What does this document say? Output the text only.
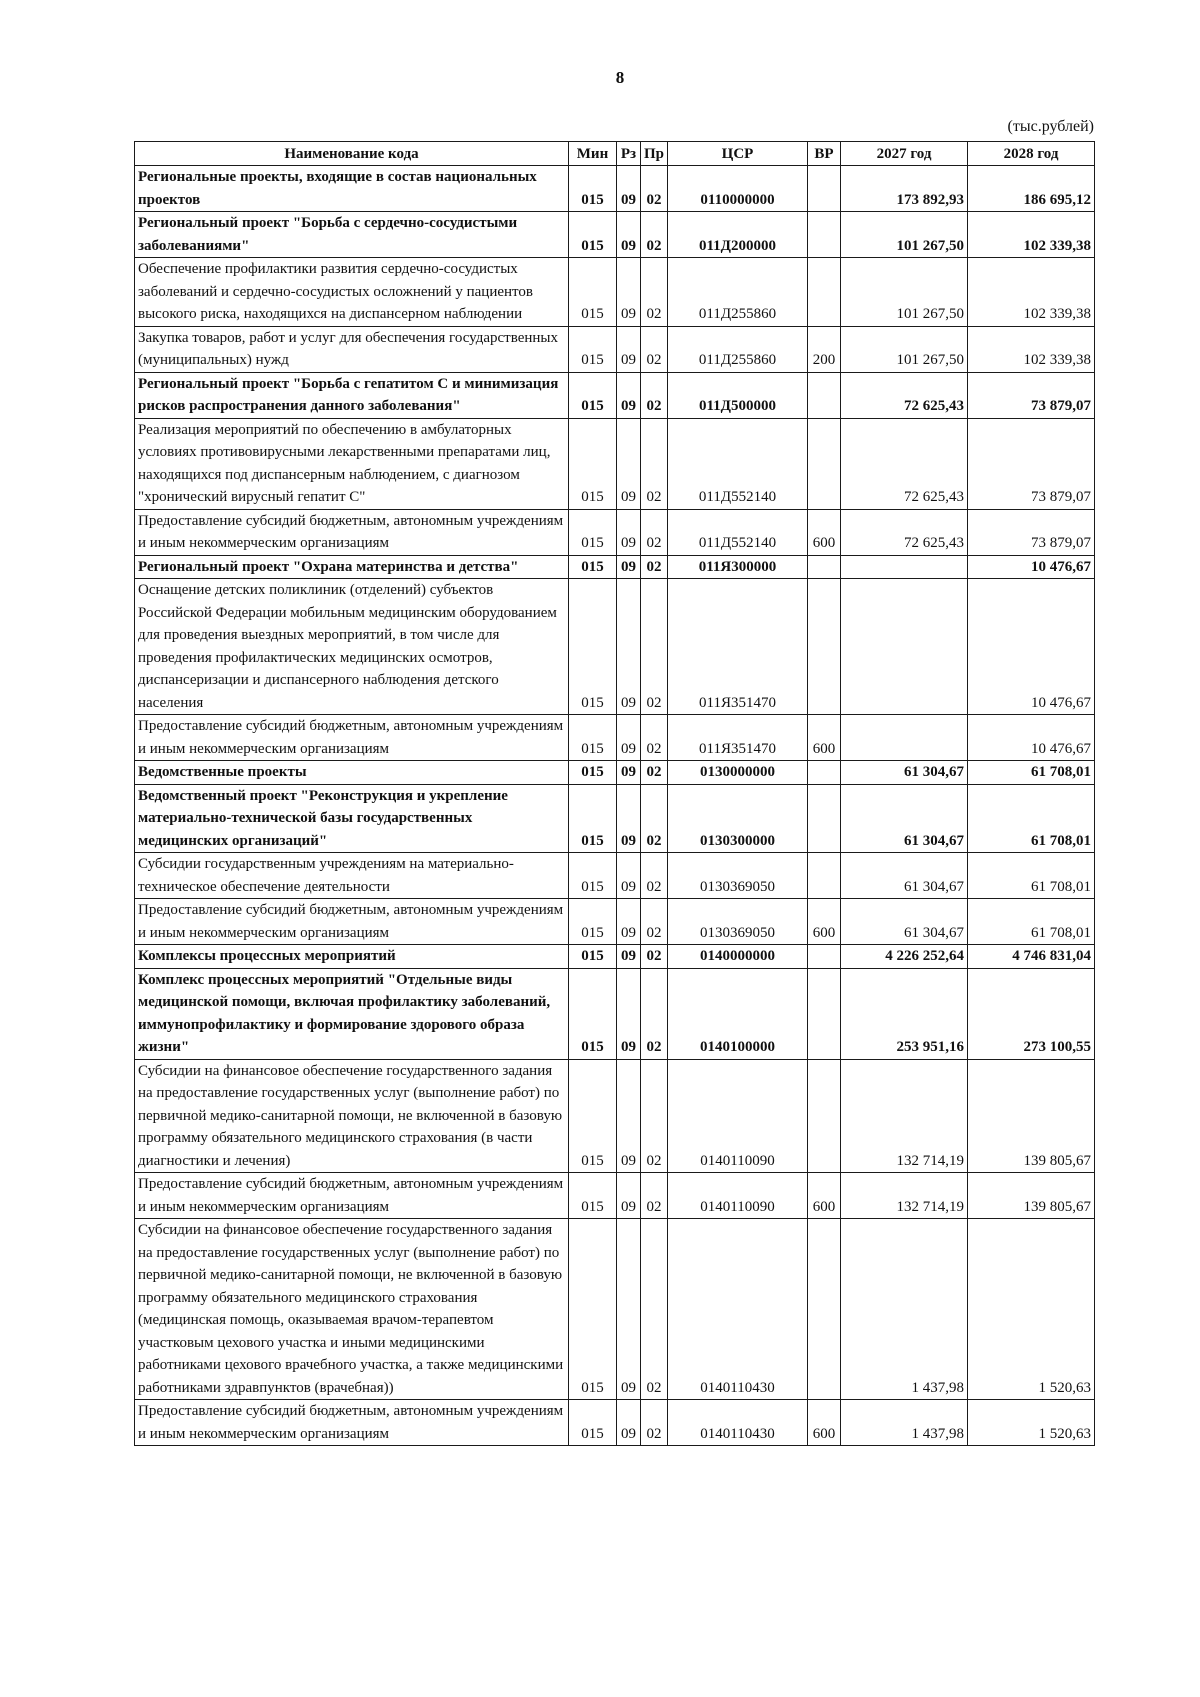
8
(тыс.рублей)
Наименование кода	Мин	Рз	Пр	ЦСР	ВР	2027 год	2028 год
Региональные проекты, входящие в состав национальных проектов	015	09	02	0110000000		173 892,93	186 695,12
Региональный проект "Борьба с сердечно-сосудистыми заболеваниями"	015	09	02	011Д200000		101 267,50	102 339,38
Обеспечение профилактики развития сердечно-сосудистых заболеваний и сердечно-сосудистых осложнений у пациентов высокого риска, находящихся на диспансерном наблюдении	015	09	02	011Д255860		101 267,50	102 339,38
Закупка товаров, работ и услуг для обеспечения государственных (муниципальных) нужд	015	09	02	011Д255860	200	101 267,50	102 339,38
Региональный проект "Борьба с гепатитом С и минимизация рисков распространения данного заболевания"	015	09	02	011Д500000		72 625,43	73 879,07
Реализация мероприятий по обеспечению в амбулаторных условиях противовирусными лекарственными препаратами лиц, находящихся под диспансерным наблюдением, с диагнозом "хронический вирусный гепатит С"	015	09	02	011Д552140		72 625,43	73 879,07
Предоставление субсидий бюджетным, автономным учреждениям и иным некоммерческим организациям	015	09	02	011Д552140	600	72 625,43	73 879,07
Региональный проект "Охрана материнства и детства"	015	09	02	011Я300000			10 476,67
Оснащение детских поликлиник (отделений) субъектов Российской Федерации мобильным медицинским оборудованием для проведения выездных мероприятий, в том числе для проведения профилактических медицинских осмотров, диспансеризации и диспансерного наблюдения детского населения	015	09	02	011Я351470			10 476,67
Предоставление субсидий бюджетным, автономным учреждениям и иным некоммерческим организациям	015	09	02	011Я351470	600		10 476,67
Ведомственные проекты	015	09	02	0130000000		61 304,67	61 708,01
Ведомственный проект "Реконструкция и укрепление материально-технической базы государственных медицинских организаций"	015	09	02	0130300000		61 304,67	61 708,01
Субсидии государственным учреждениям на материально-техническое обеспечение деятельности	015	09	02	0130369050		61 304,67	61 708,01
Предоставление субсидий бюджетным, автономным учреждениям и иным некоммерческим организациям	015	09	02	0130369050	600	61 304,67	61 708,01
Комплексы процессных мероприятий	015	09	02	0140000000		4 226 252,64	4 746 831,04
Комплекс процессных мероприятий "Отдельные виды медицинской помощи, включая профилактику заболеваний, иммунопрофилактику и формирование здорового образа жизни"	015	09	02	0140100000		253 951,16	273 100,55
Субсидии на финансовое обеспечение государственного задания на предоставление государственных услуг (выполнение работ) по первичной медико-санитарной помощи, не включенной в базовую программу обязательного медицинского страхования (в части диагностики и лечения)	015	09	02	0140110090		132 714,19	139 805,67
Предоставление субсидий бюджетным, автономным учреждениям и иным некоммерческим организациям	015	09	02	0140110090	600	132 714,19	139 805,67
Субсидии на финансовое обеспечение государственного задания на предоставление государственных услуг (выполнение работ) по первичной медико-санитарной помощи, не включенной в базовую программу обязательного медицинского страхования (медицинская помощь, оказываемая врачом-терапевтом участковым цехового участка и иными медицинскими работниками цехового врачебного участка, а также медицинскими работниками здравпунктов (врачебная))	015	09	02	0140110430		1 437,98	1 520,63
Предоставление субсидий бюджетным, автономным учреждениям и иным некоммерческим организациям	015	09	02	0140110430	600	1 437,98	1 520,63
